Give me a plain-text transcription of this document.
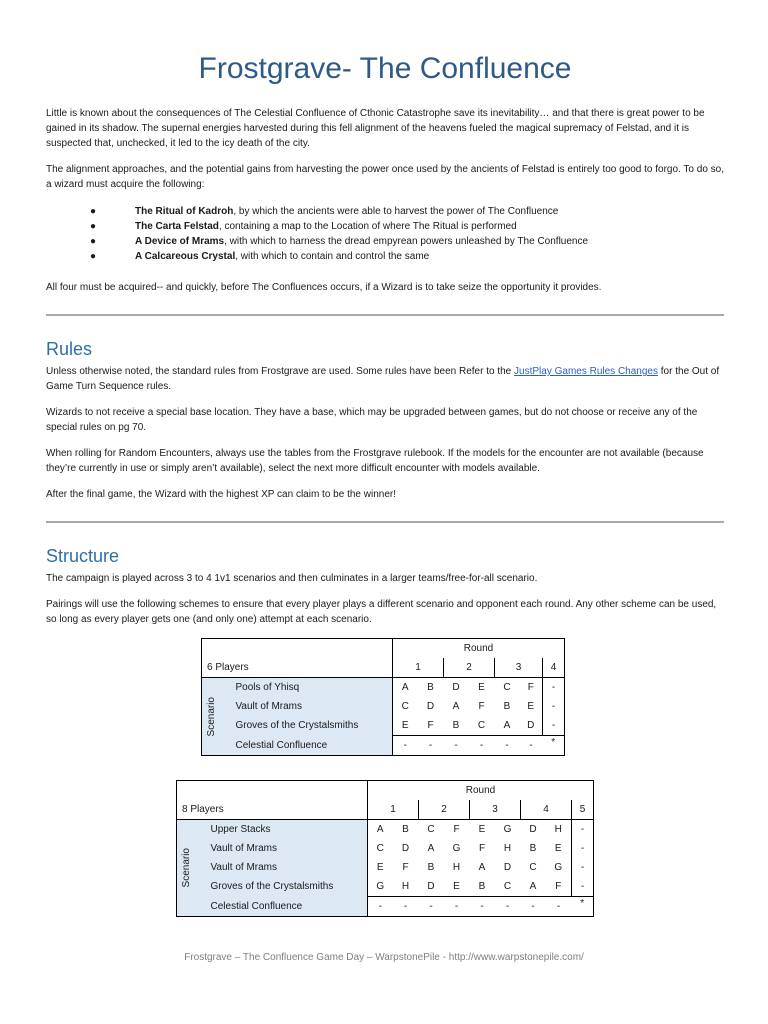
Frostgrave- The Confluence

Little is known about the consequences of The Celestial Confluence of Cthonic Catastrophe save its inevitability… and that there is great power to be gained in its shadow. The supernal energies harvested during this fell alignment of the heavens fueled the magical supremacy of Felstad, and it is suspected that, unchecked, it led to the icy death of the city.

The alignment approaches, and the potential gains from harvesting the power once used by the ancients of Felstad is entirely too good to forgo. To do so, a wizard must acquire the following:

●	The Ritual of Kadroh, by which the ancients were able to harvest the power of The Confluence
●	The Carta Felstad, containing a map to the Location of where The Ritual is performed
●	A Device of Mrams, with which to harness the dread empyrean powers unleashed by The Confluence
●	A Calcareous Crystal, with which to contain and control the same

All four must be acquired-- and quickly, before The Confluences occurs, if a Wizard is to take seize the opportunity it provides.

Rules

Unless otherwise noted, the standard rules from Frostgrave are used. Some rules have been Refer to the JustPlay Games Rules Changes for the Out of Game Turn Sequence rules.

Wizards to not receive a special base location. They have a base, which may be upgraded between games, but do not choose or receive any of the special rules on pg 70.

When rolling for Random Encounters, always use the tables from the Frostgrave rulebook. If the models for the encounter are not available (because they’re currently in use or simply aren’t available), select the next more difficult encounter with models available.

After the final game, the Wizard with the highest XP can claim to be the winner!

Structure

The campaign is played across 3 to 4 1v1 scenarios and then culminates in a larger teams/free-for-all scenario.

Pairings will use the following schemes to ensure that every player plays a different scenario and opponent each round. Any other scheme can be used, so long as every player gets one (and only one) attempt at each scenario.

		Round						
6 Players		1		2		3		4

Scenario	Pools of Yhisq	A	B	D	E	C	F	-
	Vault of Mrams	C	D	A	F	B	E	-
	Groves of the Crystalsmiths	E	F	B	C	A	D	-
	Celestial Confluence	-	-	-	-	-	-	*
		Round								
8 Players		1		2		3		4		5

Scenario	Upper Stacks	A	B	C	F	E	G	D	H	-
	Vault of Mrams	C	D	A	G	F	H	B	E	-
	Vault of Mrams	E	F	B	H	A	D	C	G	-
	Groves of the Crystalsmiths	G	H	D	E	B	C	A	F	-
	Celestial Confluence	-	-	-	-	-	-	-	-	*
Frostgrave – The Confluence Game Day – WarpstonePile - http://www.warpstonepile.com/
